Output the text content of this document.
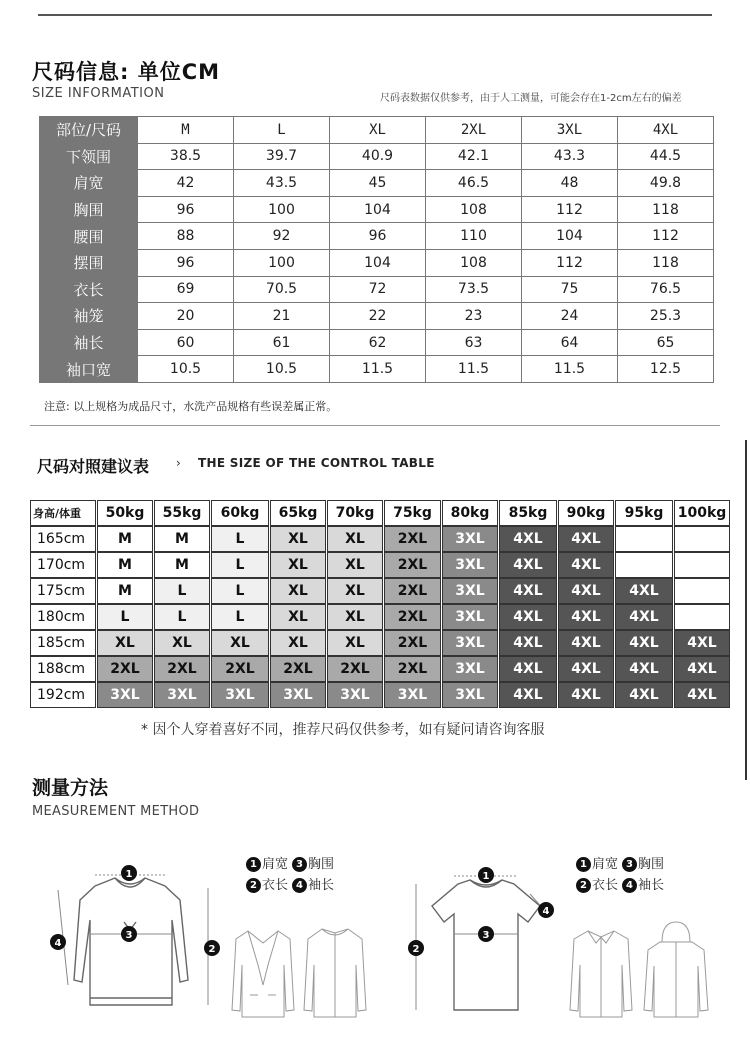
尺码信息: 单位CM
SIZE INFORMATION	尺码表数据仅供参考，由于人工测量，可能会存在1-2cm左右的偏差
部位/尺码	M	L	XL	2XL	3XL	4XL
下领围	38.5	39.7	40.9	42.1	43.3	44.5
肩宽	42	43.5	45	46.5	48	49.8
胸围	96	100	104	108	112	118
腰围	88	92	96	110	104	112
摆围	96	100	104	108	112	118
衣长	69	70.5	72	73.5	75	76.5
袖笼	20	21	22	23	24	25.3
袖长	60	61	62	63	64	65
袖口宽	10.5	10.5	11.5	11.5	11.5	12.5
注意: 以上规格为成品尺寸，水洗产品规格有些误差属正常。
尺码对照建议表 › THE SIZE OF THE CONTROL TABLE
身高/体重	50kg	55kg	60kg	65kg	70kg	75kg	80kg	85kg	90kg	95kg	100kg
165cm	M	M	L	XL	XL	2XL	3XL	4XL	4XL
170cm	M	M	L	XL	XL	2XL	3XL	4XL	4XL
175cm	M	L	L	XL	XL	2XL	3XL	4XL	4XL	4XL
180cm	L	L	L	XL	XL	2XL	3XL	4XL	4XL	4XL
185cm	XL	XL	XL	XL	XL	2XL	3XL	4XL	4XL	4XL	4XL
188cm	2XL	2XL	2XL	2XL	2XL	2XL	3XL	4XL	4XL	4XL	4XL
192cm	3XL	3XL	3XL	3XL	3XL	3XL	3XL	4XL	4XL	4XL	4XL
* 因个人穿着喜好不同，推荐尺码仅供参考，如有疑问请咨询客服
测量方法
MEASUREMENT METHOD
1 肩宽 3 胸围
2 衣长 4 袖长
1 肩宽 3 胸围
2 衣长 4 袖长
1
3
2
4
1
3
2
4
